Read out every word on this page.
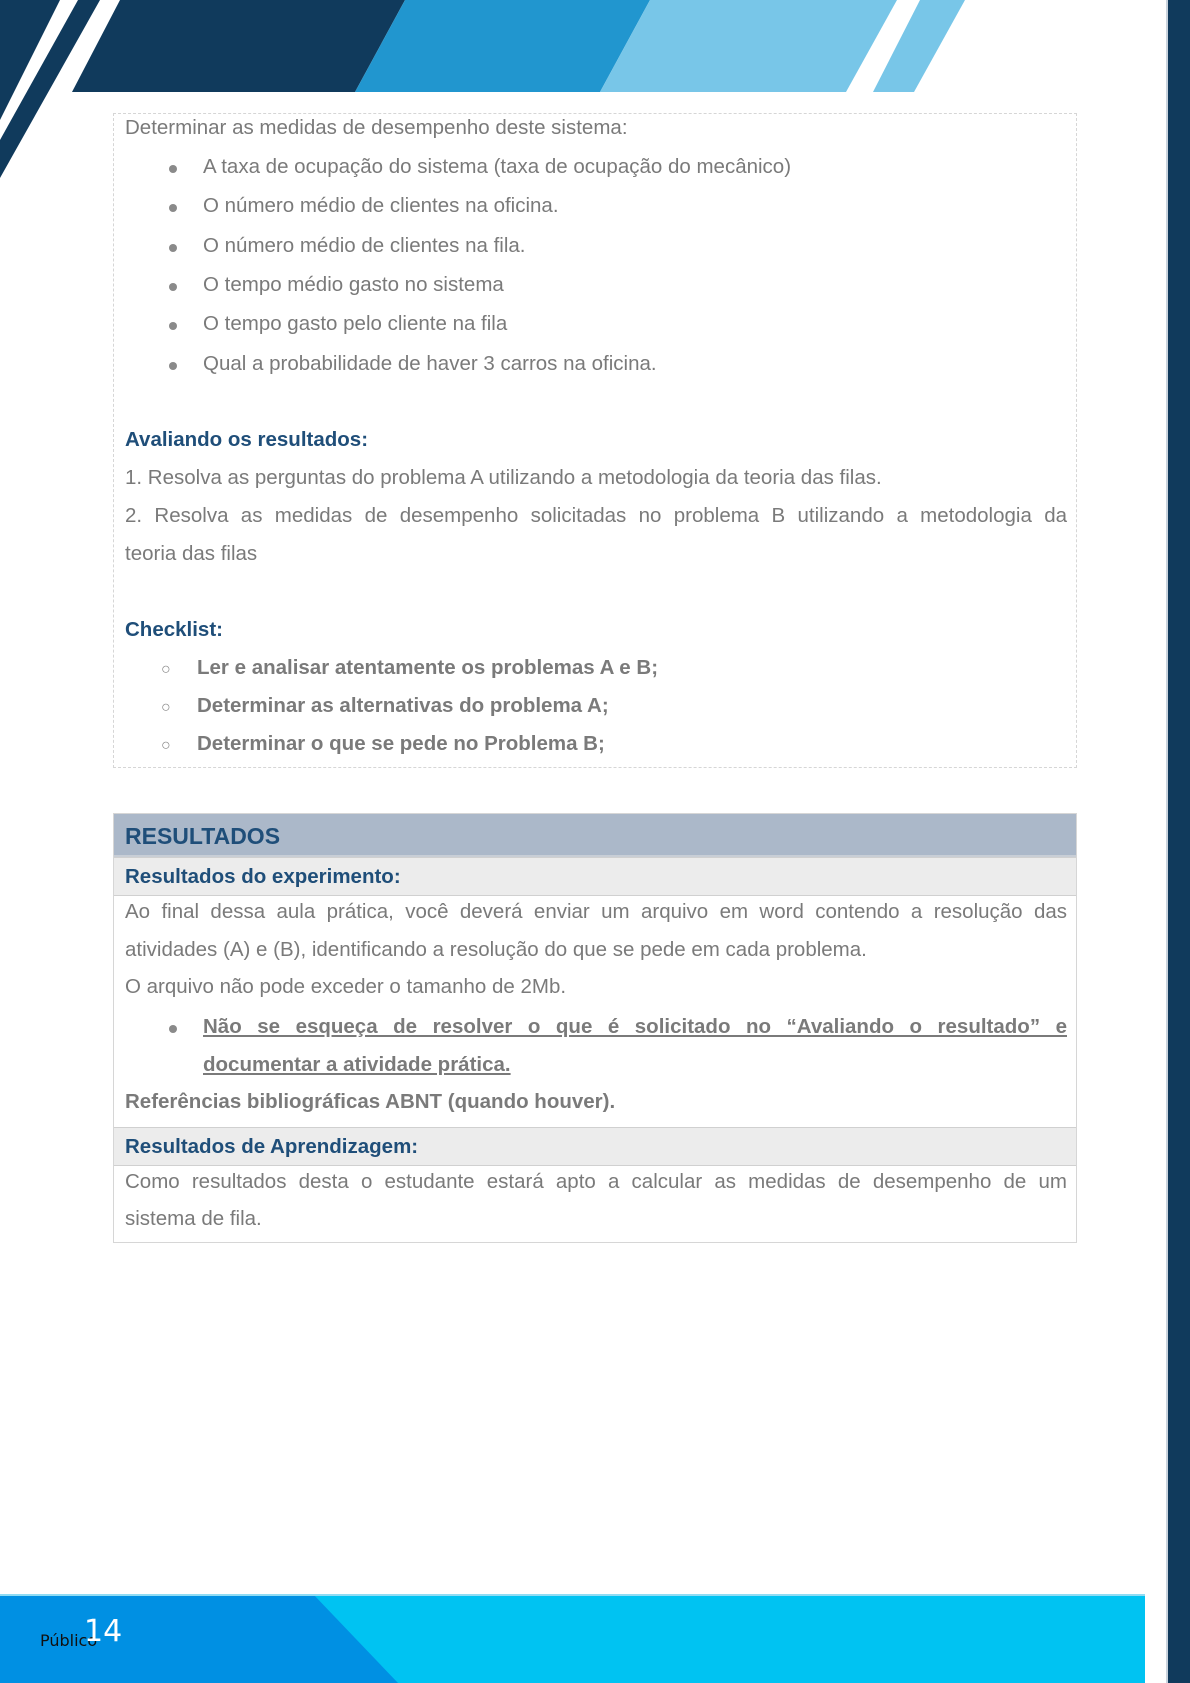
Determinar as medidas de desempenho deste sistema:
A taxa de ocupação do sistema (taxa de ocupação do mecânico)
O número médio de clientes na oficina.
O número médio de clientes na fila.
O tempo médio gasto no sistema
O tempo gasto pelo cliente na fila
Qual a probabilidade de haver 3 carros na oficina.
Avaliando os resultados:
1. Resolva as perguntas do problema A utilizando a metodologia da teoria das filas.
2. Resolva as medidas de desempenho solicitadas no problema B utilizando a metodologia da
teoria das filas
Checklist:
○ Ler e analisar atentamente os problemas A e B;
○ Determinar as alternativas do problema A;
○ Determinar o que se pede no Problema B;
RESULTADOS
Resultados do experimento:
Ao final dessa aula prática, você deverá enviar um arquivo em word contendo a resolução das
atividades (A) e (B), identificando a resolução do que se pede em cada problema.
O arquivo não pode exceder o tamanho de 2Mb.
Não se esqueça de resolver o que é solicitado no “Avaliando o resultado” e
documentar a atividade prática.
Referências bibliográficas ABNT (quando houver).
Resultados de Aprendizagem:
Como resultados desta o estudante estará apto a calcular as medidas de desempenho de um
sistema de fila.
Público
14
